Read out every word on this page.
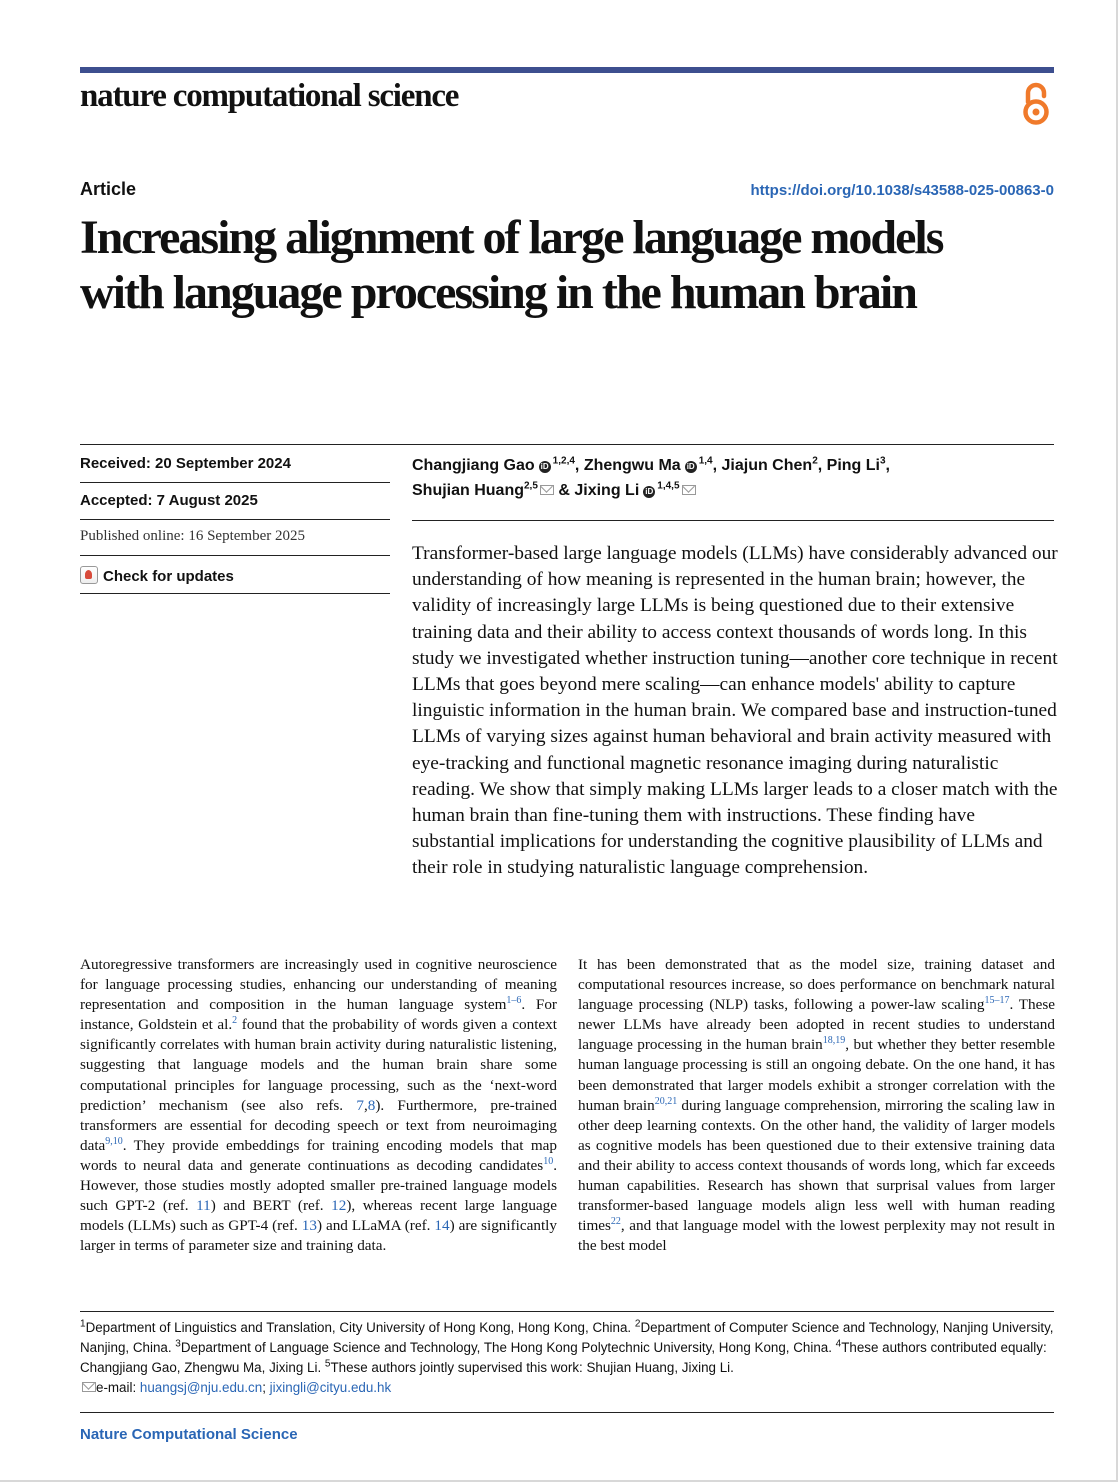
nature computational science
Article	https://doi.org/10.1038/s43588-025-00863-0
Increasing alignment of large language models with language processing in the human brain
Received: 20 September 2024
Accepted: 7 August 2025
Published online: 16 September 2025
Check for updates
Changjiang Gao iD $^{1,2,4}$, Zhengwu Ma iD $^{1,4}$, Jiajun Chen$^2$, Ping Li$^3$,
Shujian Huang$^{2,5}$ & Jixing Li iD $^{1,4,5}$

Transformer-based large language models (LLMs) have considerably advanced our understanding of how meaning is represented in the human brain; however, the validity of increasingly large LLMs is being questioned due to their extensive training data and their ability to access context thousands of words long. In this study we investigated whether instruction tuning—another core technique in recent LLMs that goes beyond mere scaling—can enhance models' ability to capture linguistic information in the human brain. We compared base and instruction-tuned LLMs of varying sizes against human behavioral and brain activity measured with eye-tracking and functional magnetic resonance imaging during naturalistic reading. We show that simply making LLMs larger leads to a closer match with the human brain than fine-tuning them with instructions. These finding have substantial implications for understanding the cognitive plausibility of LLMs and their role in studying naturalistic language comprehension.

Autoregressive transformers are increasingly used in cognitive neuroscience for language processing studies, enhancing our understanding of meaning representation and composition in the human language system$^{1-6}$. For instance, Goldstein et al.$^2$ found that the probability of words given a context significantly correlates with human brain activity during naturalistic listening, suggesting that language models and the human brain share some computational principles for language processing, such as the ‘next-word prediction’ mechanism (see also refs. 7,8). Furthermore, pre-trained transformers are essential for decoding speech or text from neuroimaging data$^{9,10}$. They provide embeddings for training encoding models that map words to neural data and generate continuations as decoding candidates$^{10}$. However, those studies mostly adopted smaller pre-trained language models such GPT-2 (ref. 11) and BERT (ref. 12), whereas recent large language models (LLMs) such as GPT-4 (ref. 13) and LLaMA (ref. 14) are significantly larger in terms of parameter size and training data.

It has been demonstrated that as the model size, training dataset and computational resources increase, so does performance on benchmark natural language processing (NLP) tasks, following a power-law scaling$^{15-17}$. These newer LLMs have already been adopted in recent studies to understand language processing in the human brain$^{18,19}$, but whether they better resemble human language processing is still an ongoing debate. On the one hand, it has been demonstrated that larger models exhibit a stronger correlation with the human brain$^{20,21}$ during language comprehension, mirroring the scaling law in other deep learning contexts. On the other hand, the validity of larger models as cognitive models has been questioned due to their extensive training data and their ability to access context thousands of words long, which far exceeds human capabilities. Research has shown that surprisal values from larger transformer-based language models align less well with human reading times$^{22}$, and that language model with the lowest perplexity may not result in the best model

$^1$Department of Linguistics and Translation, City University of Hong Kong, Hong Kong, China. $^2$Department of Computer Science and Technology, Nanjing University, Nanjing, China. $^3$Department of Language Science and Technology, The Hong Kong Polytechnic University, Hong Kong, China. $^4$These authors contributed equally: Changjiang Gao, Zhengwu Ma, Jixing Li. $^5$These authors jointly supervised this work: Shujian Huang, Jixing Li.

e-mail: huangsj@nju.edu.cn; jixingli@cityu.edu.hk

Nature Computational Science
